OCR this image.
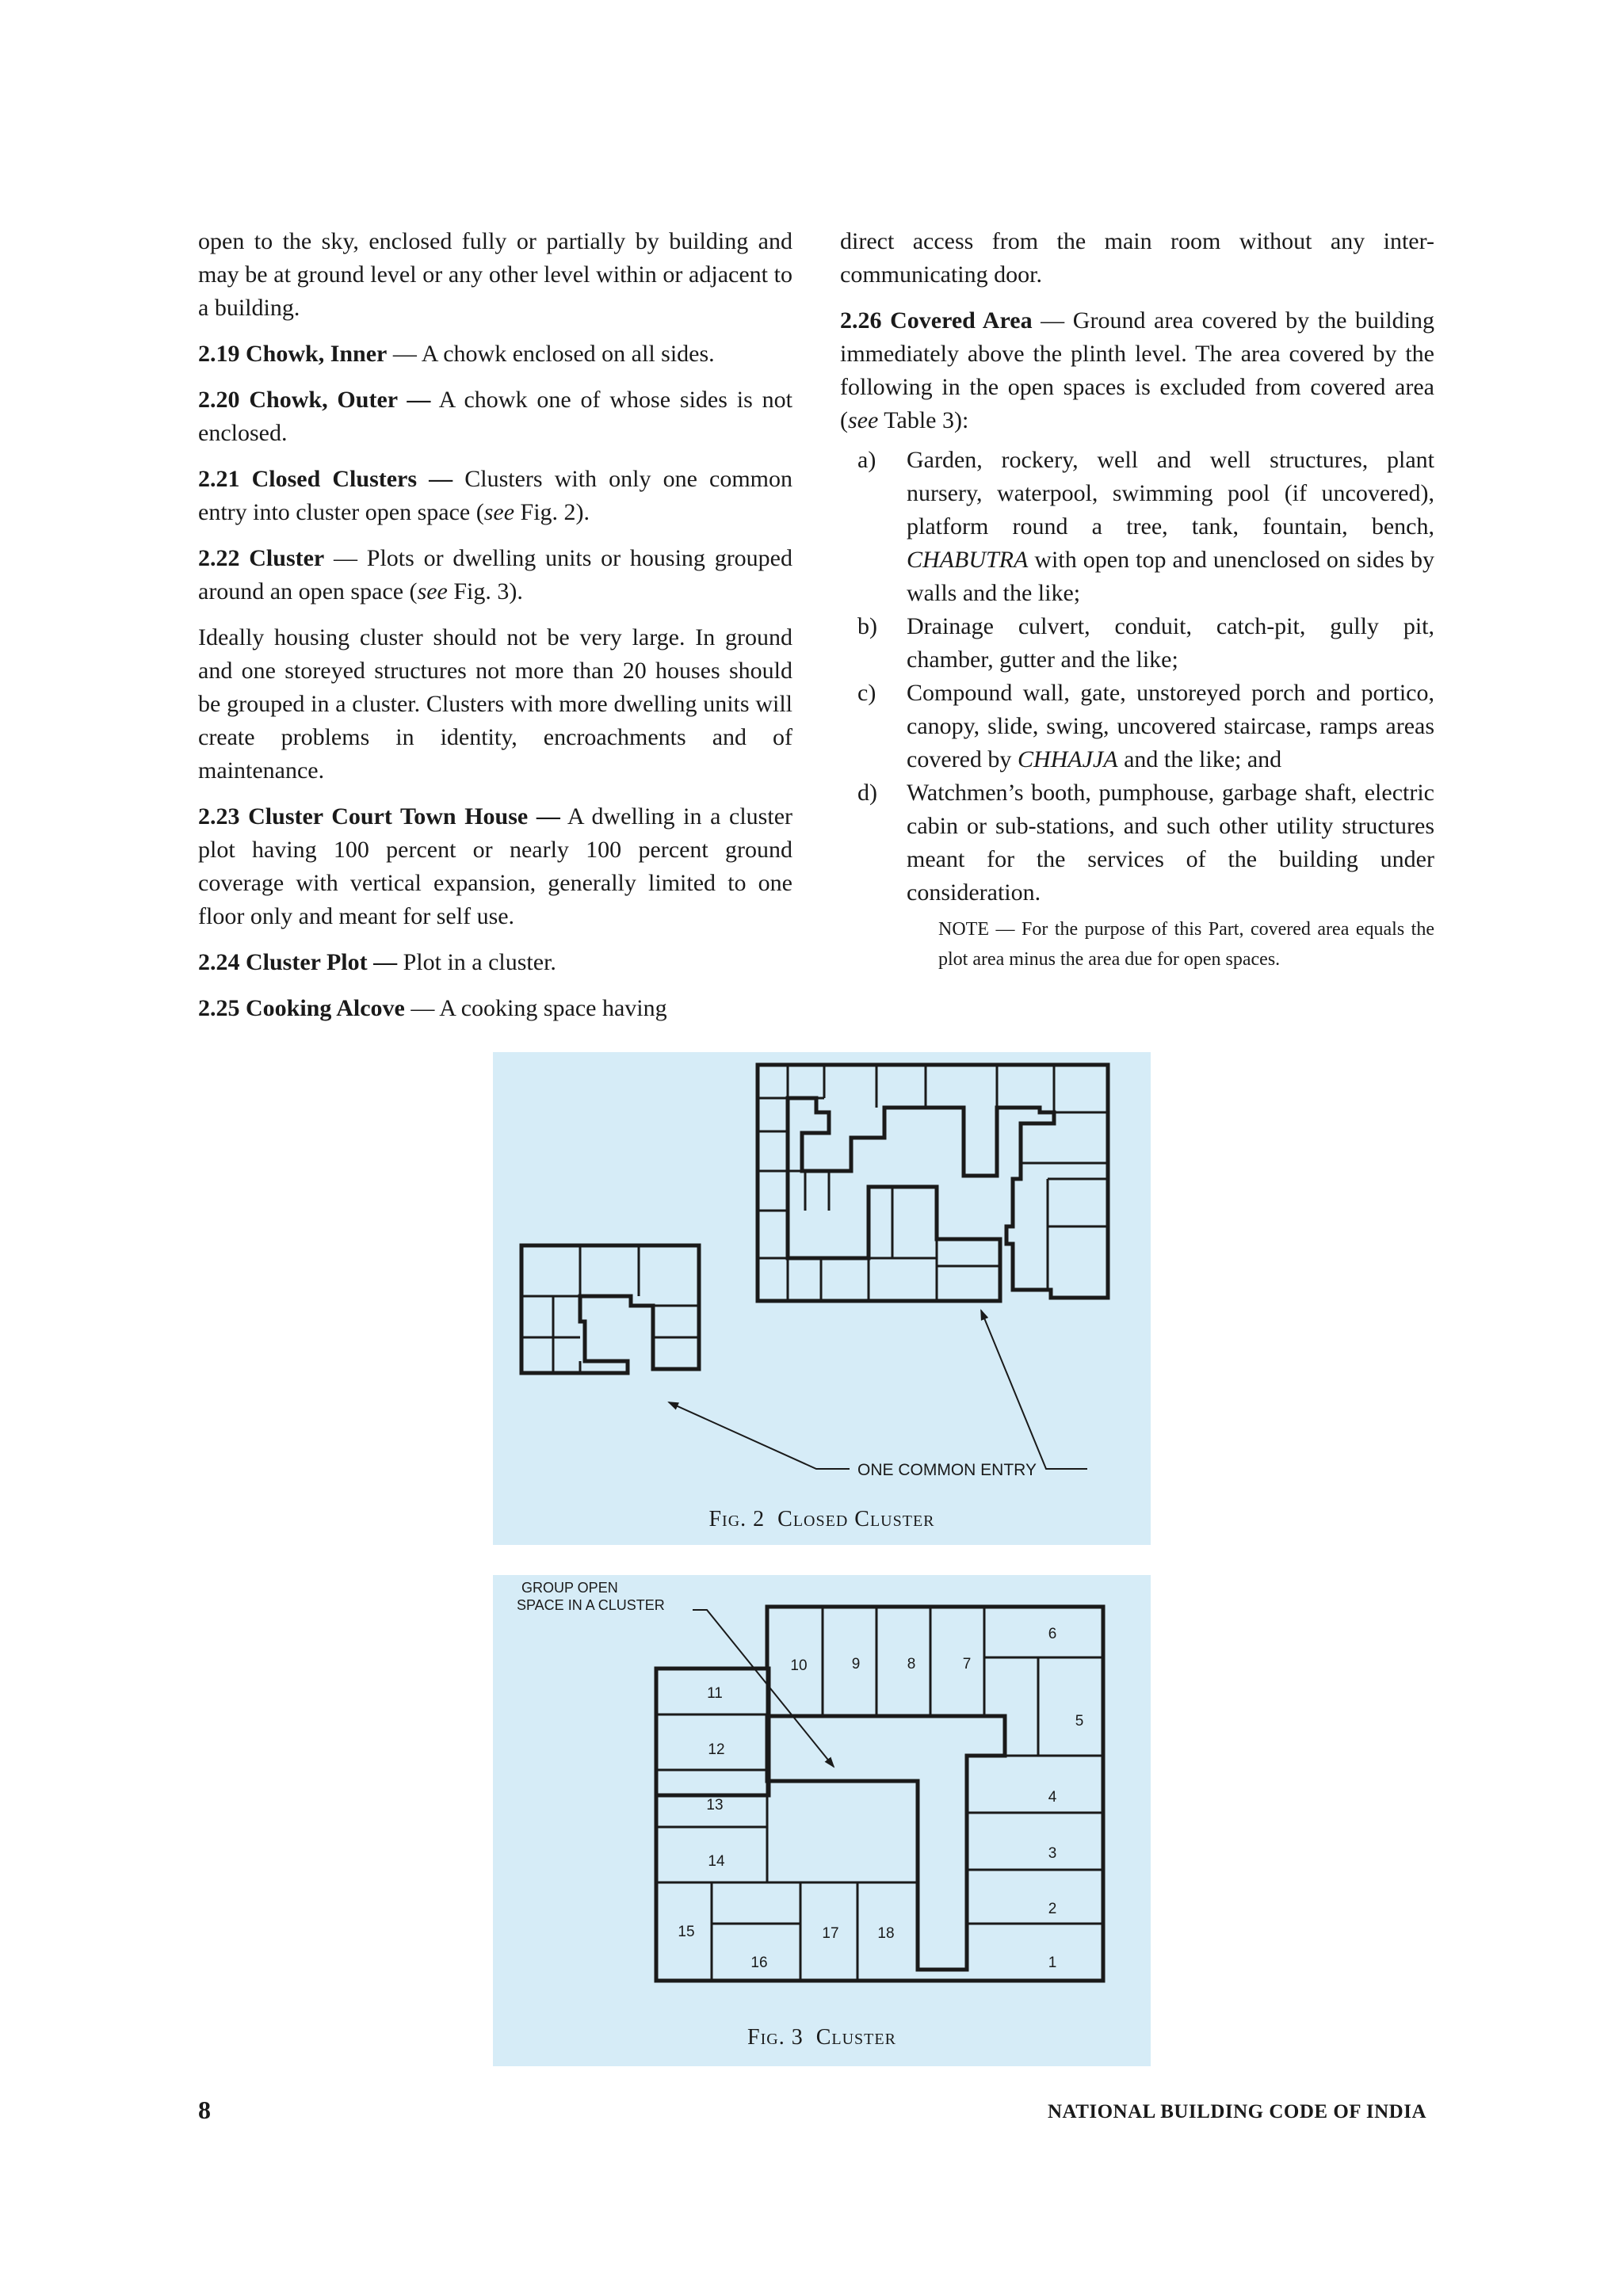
open to the sky, enclosed fully or partially by building and may be at ground level or any other level within or adjacent to a building.

2.19 Chowk, Inner — A chowk enclosed on all sides.

2.20 Chowk, Outer — A chowk one of whose sides is not enclosed.

2.21 Closed Clusters — Clusters with only one common entry into cluster open space (see Fig. 2).

2.22 Cluster — Plots or dwelling units or housing grouped around an open space (see Fig. 3).

Ideally housing cluster should not be very large. In ground and one storeyed structures not more than 20 houses should be grouped in a cluster. Clusters with more dwelling units will create problems in identity, encroachments and of maintenance.

2.23 Cluster Court Town House — A dwelling in a cluster plot having 100 percent or nearly 100 percent ground coverage with vertical expansion, generally limited to one floor only and meant for self use.

2.24 Cluster Plot — Plot in a cluster.

2.25 Cooking Alcove — A cooking space having

direct access from the main room without any inter-communicating door.

2.26 Covered Area — Ground area covered by the building immediately above the plinth level. The area covered by the following in the open spaces is excluded from covered area (see Table 3):

a)	Garden, rockery, well and well structures, plant nursery, waterpool, swimming pool (if uncovered), platform round a tree, tank, fountain, bench, CHABUTRA with open top and unenclosed on sides by walls and the like;
b)	Drainage culvert, conduit, catch-pit, gully pit, chamber, gutter and the like;
c)	Compound wall, gate, unstoreyed porch and portico, canopy, slide, swing, uncovered staircase, ramps areas covered by CHHAJJA and the like; and
d)	Watchmen’s booth, pumphouse, garbage shaft, electric cabin or sub-stations, and such other utility structures meant for the services of the building under consideration.
NOTE — For the purpose of this Part, covered area equals the plot area minus the area due for open spaces.
ONE COMMON ENTRY
Fig. 2 Closed Cluster
GROUP OPEN
SPACE IN A CLUSTER
1
2
3
4
5
6
7
8
9
10
11
12
13
14
15
16
17	18
Fig. 3 Cluster
8	NATIONAL BUILDING CODE OF INDIA
